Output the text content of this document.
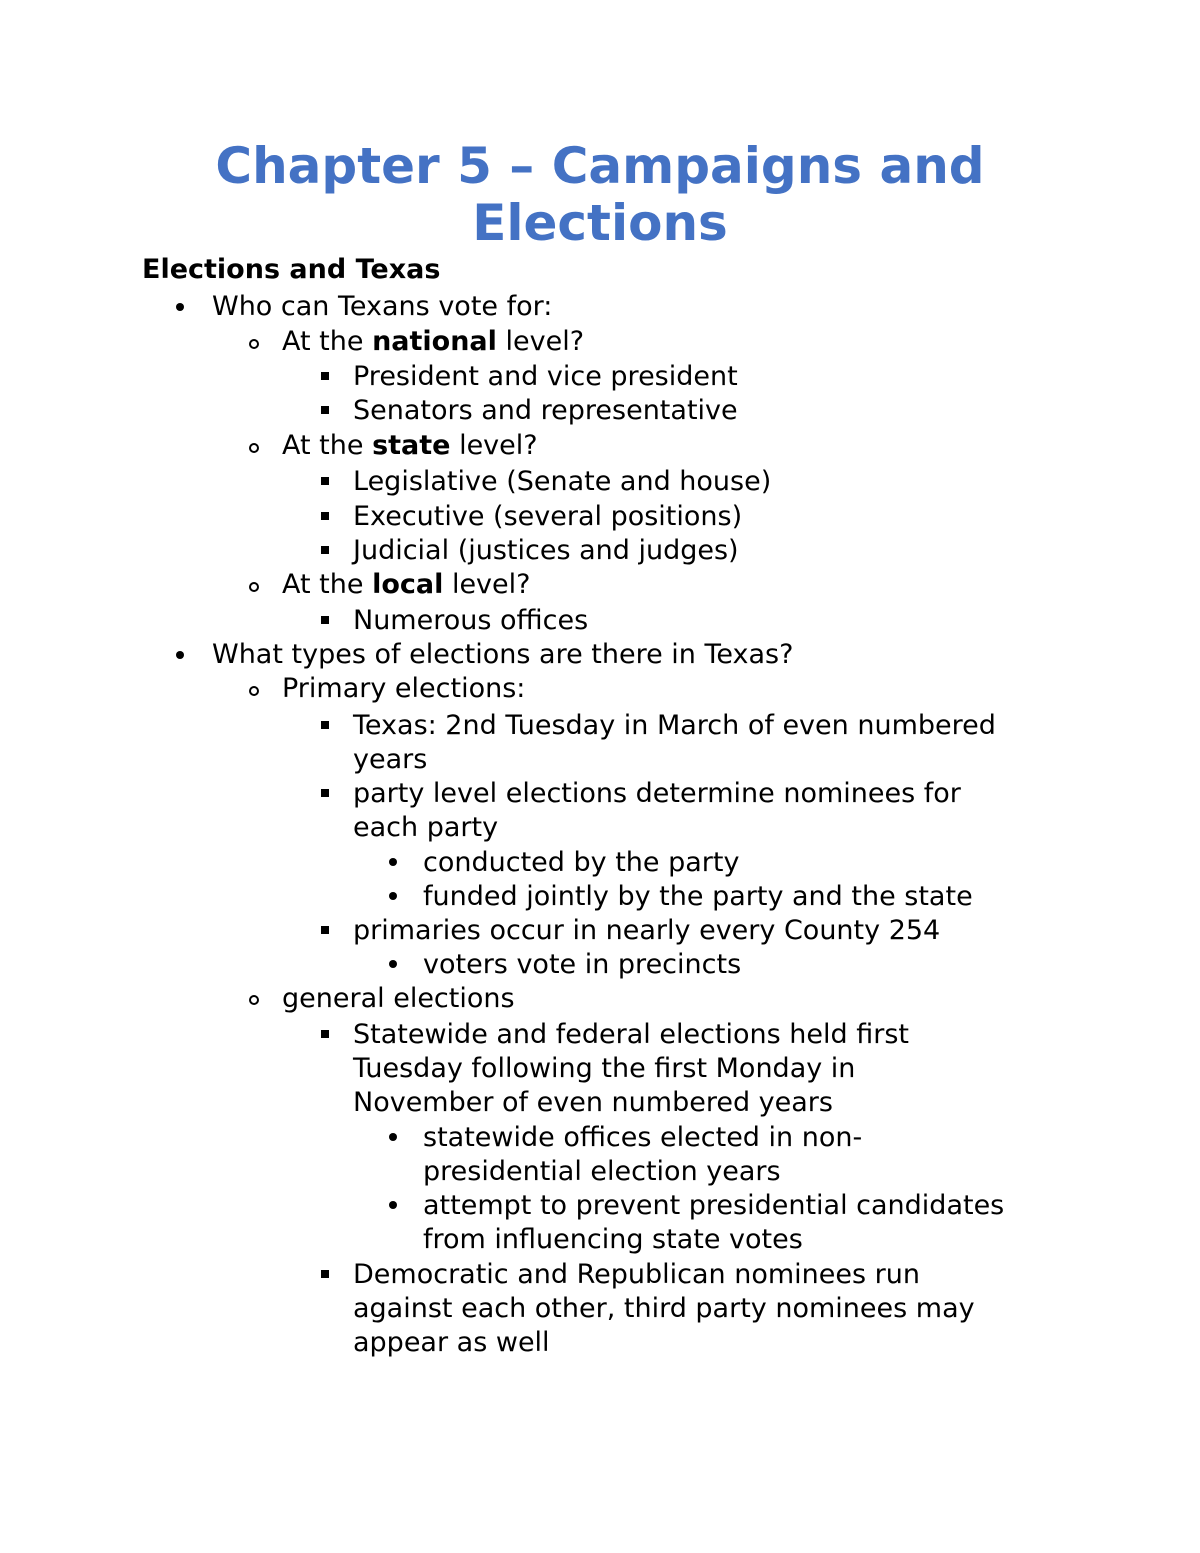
Chapter 5 – Campaigns and
Elections
Elections and Texas
Who can Texans vote for:
At the national level?
President and vice president
Senators and representative
At the state level?
Legislative (Senate and house)
Executive (several positions)
Judicial (justices and judges)
At the local level?
Numerous offices
What types of elections are there in Texas?
Primary elections:
Texas: 2nd Tuesday in March of even numbered
years
party level elections determine nominees for
each party
conducted by the party
funded jointly by the party and the state
primaries occur in nearly every County 254
voters vote in precincts
general elections
Statewide and federal elections held first
Tuesday following the first Monday in
November of even numbered years
statewide offices elected in non-
presidential election years
attempt to prevent presidential candidates
from influencing state votes
Democratic and Republican nominees run
against each other, third party nominees may
appear as well
